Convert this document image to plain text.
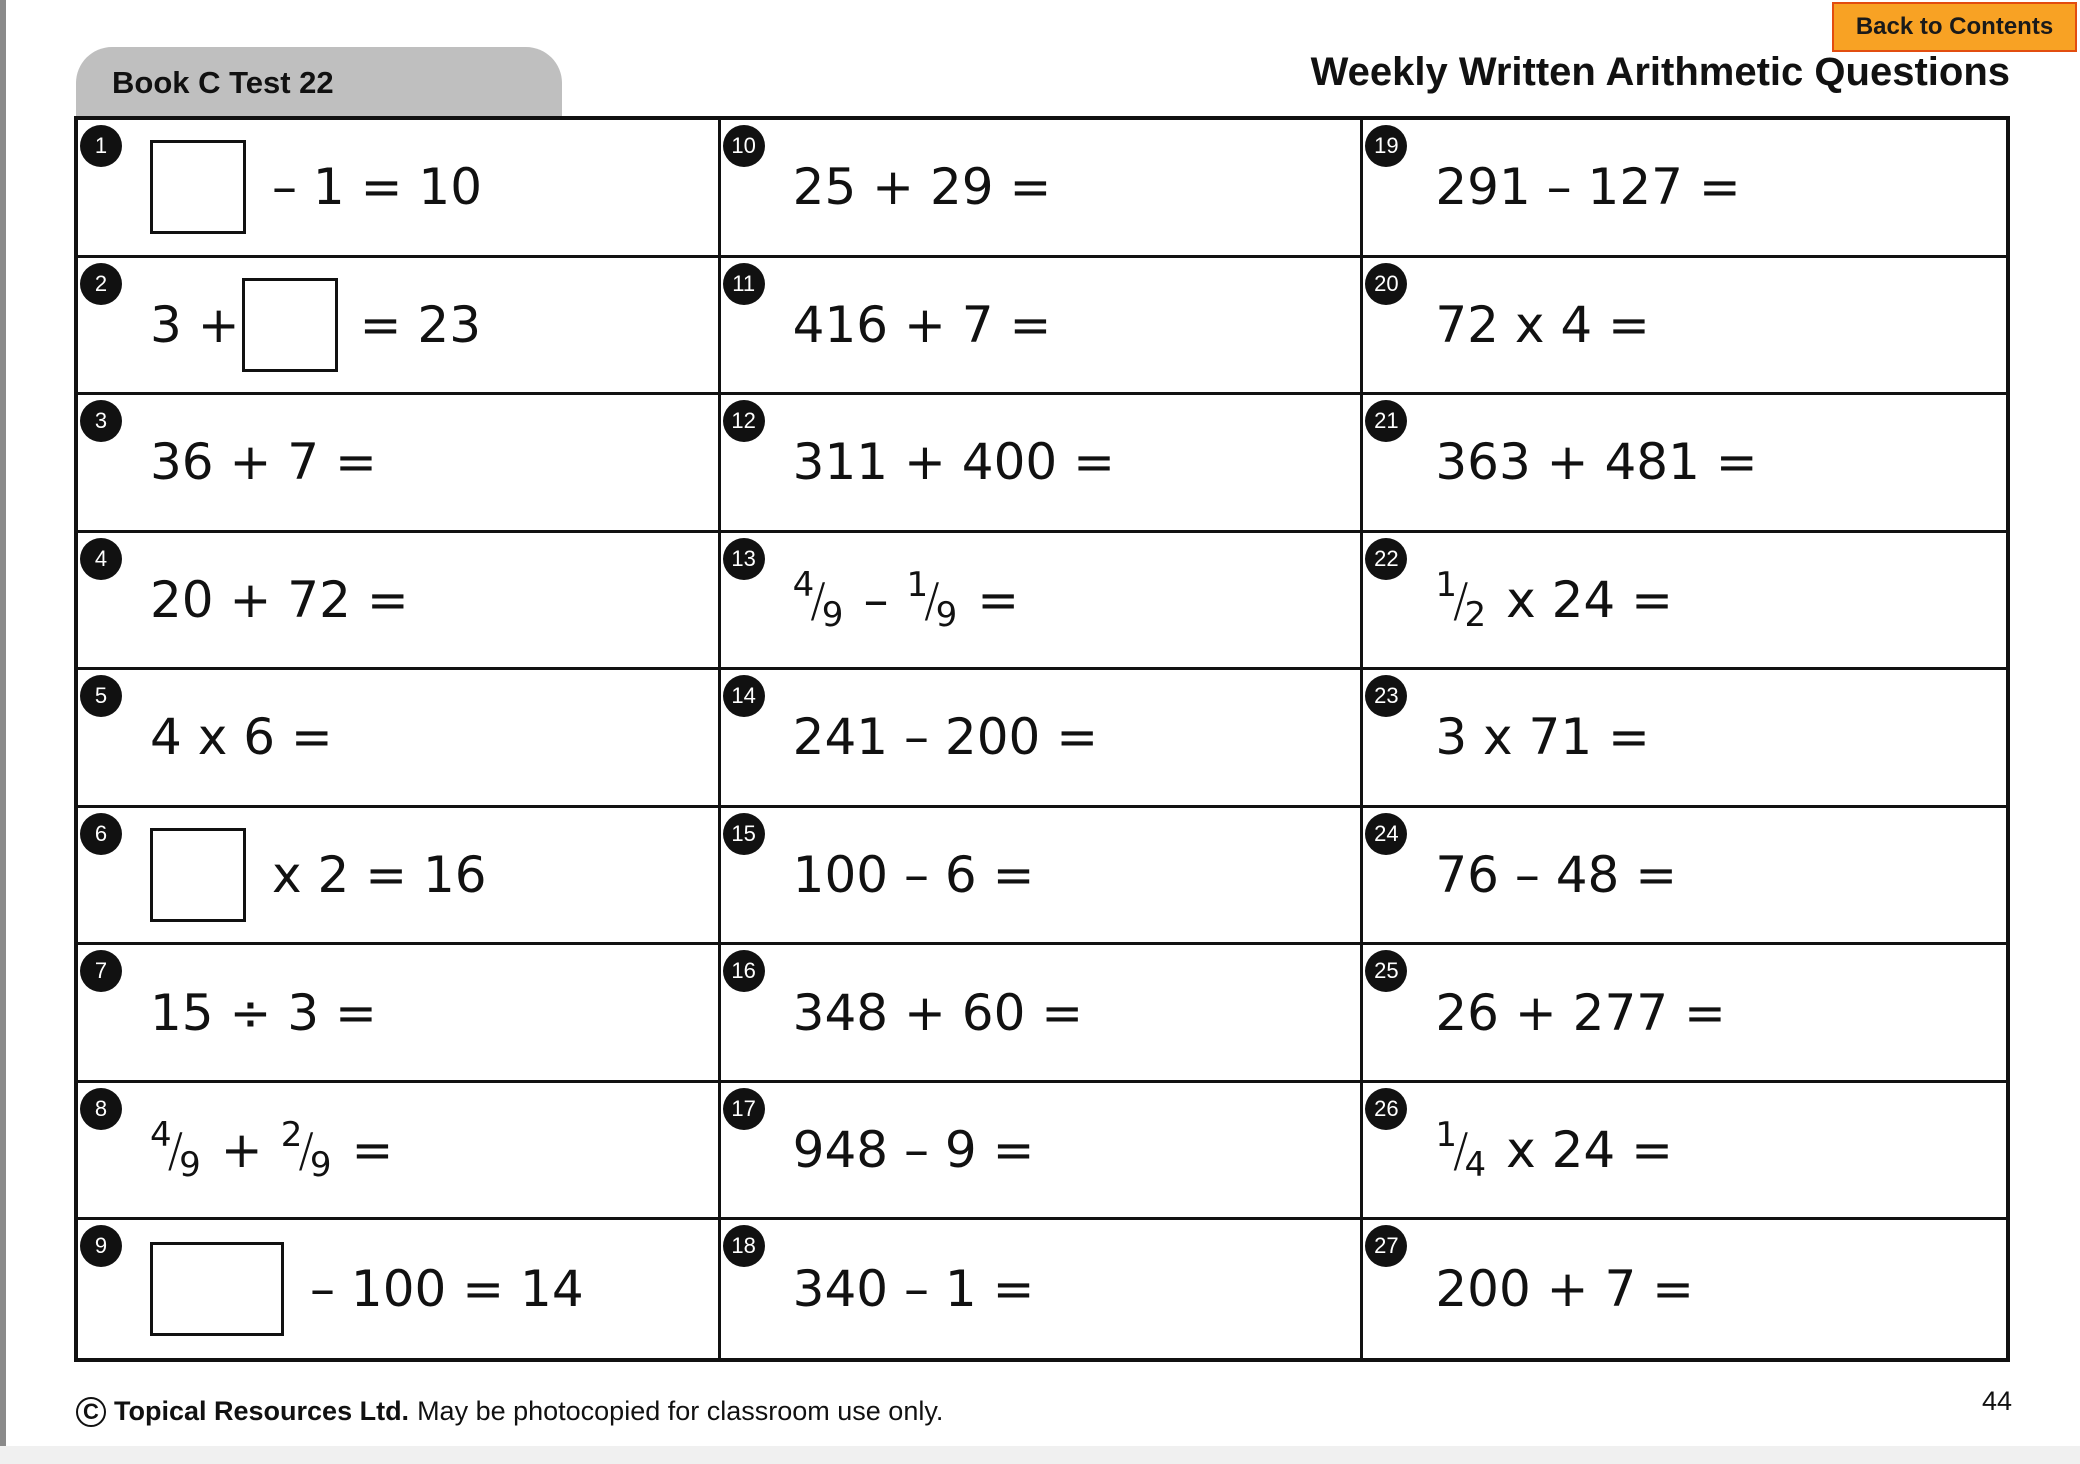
Back to Contents
Book C Test 22	Weekly Written Arithmetic Questions
1
– 1 = 10
2
3 + = 23
3
36 + 7 =
4
20 + 72 =
5
4 x 6 =
6
x 2 = 16
7
15 ÷ 3 =
8
4
/
9 + 2
/
9 =
9
– 100 = 14
10
25 + 29 =
11
416 + 7 =
12
311 + 400 =
13
4
/
9 – 1
/
9 =
14
241 – 200 =
15
100 – 6 =
16
348 + 60 =
17
948 – 9 =
18
340 – 1 =
19
291 – 127 =
20
72 x 4 =
21
363 + 481 =
22
1
/
2 x 24 =
23
3 x 71 =
24
76 – 48 =
25
26 + 277 =
26
1
/
4 x 24 =
27
200 + 7 =
C Topical Resources Ltd. May be photocopied for classroom use only.	44
